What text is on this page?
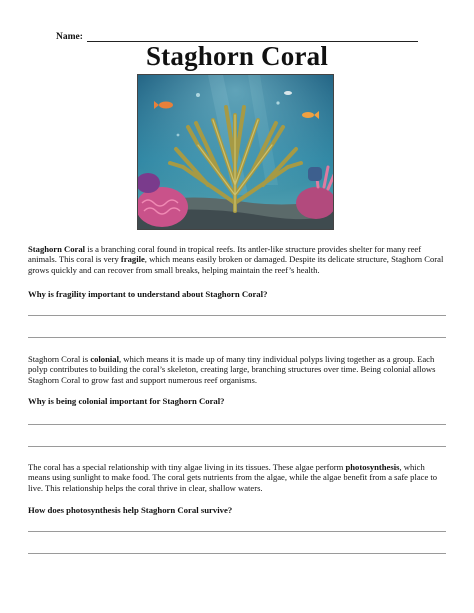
Name:
Staghorn Coral
Staghorn Coral is a branching coral found in tropical reefs. Its antler-like structure provides shelter for many reef animals. This coral is very fragile, which means easily broken or damaged. Despite its delicate structure, Staghorn Coral grows quickly and can recover from small breaks, helping maintain the reef’s health.
Why is fragility important to understand about Staghorn Coral?
Staghorn Coral is colonial, which means it is made up of many tiny individual polyps living together as a group. Each polyp contributes to building the coral’s skeleton, creating large, branching structures over time. Being colonial allows Staghorn Coral to grow fast and support numerous reef organisms.
Why is being colonial important for Staghorn Coral?
The coral has a special relationship with tiny algae living in its tissues. These algae perform photosynthesis, which means using sunlight to make food. The coral gets nutrients from the algae, while the algae benefit from a safe place to live. This relationship helps the coral thrive in clear, shallow waters.
How does photosynthesis help Staghorn Coral survive?
